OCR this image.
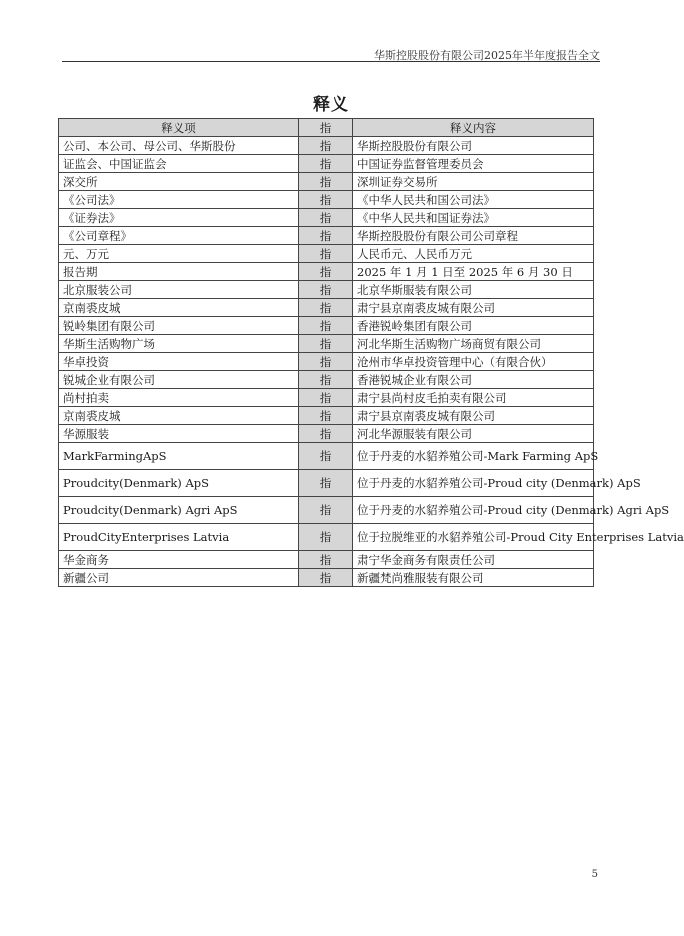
华斯控股股份有限公司2025年半年度报告全文
释义
释义项	指	释义内容
公司、本公司、母公司、华斯股份	指	华斯控股股份有限公司
证监会、中国证监会	指	中国证券监督管理委员会
深交所	指	深圳证券交易所
《公司法》	指	《中华人民共和国公司法》
《证券法》	指	《中华人民共和国证券法》
《公司章程》	指	华斯控股股份有限公司公司章程
元、万元	指	人民币元、人民币万元
报告期	指	2025 年 1 月 1 日至 2025 年 6 月 30 日
北京服装公司	指	北京华斯服装有限公司
京南裘皮城	指	肃宁县京南裘皮城有限公司
锐岭集团有限公司	指	香港锐岭集团有限公司
华斯生活购物广场	指	河北华斯生活购物广场商贸有限公司
华卓投资	指	沧州市华卓投资管理中心（有限合伙）
锐城企业有限公司	指	香港锐城企业有限公司
尚村拍卖	指	肃宁县尚村皮毛拍卖有限公司
京南裘皮城	指	肃宁县京南裘皮城有限公司
华源服装	指	河北华源服装有限公司
MarkFarmingApS	指	位于丹麦的水貂养殖公司-Mark Farming ApS
Proudcity(Denmark) ApS	指	位于丹麦的水貂养殖公司-Proud city (Denmark) ApS
Proudcity(Denmark) Agri ApS	指	位于丹麦的水貂养殖公司-Proud city (Denmark) Agri ApS
ProudCityEnterprises Latvia	指	位于拉脱维亚的水貂养殖公司-Proud City Enterprises Latvia
华金商务	指	肃宁华金商务有限责任公司
新疆公司	指	新疆梵尚雅服装有限公司
5
